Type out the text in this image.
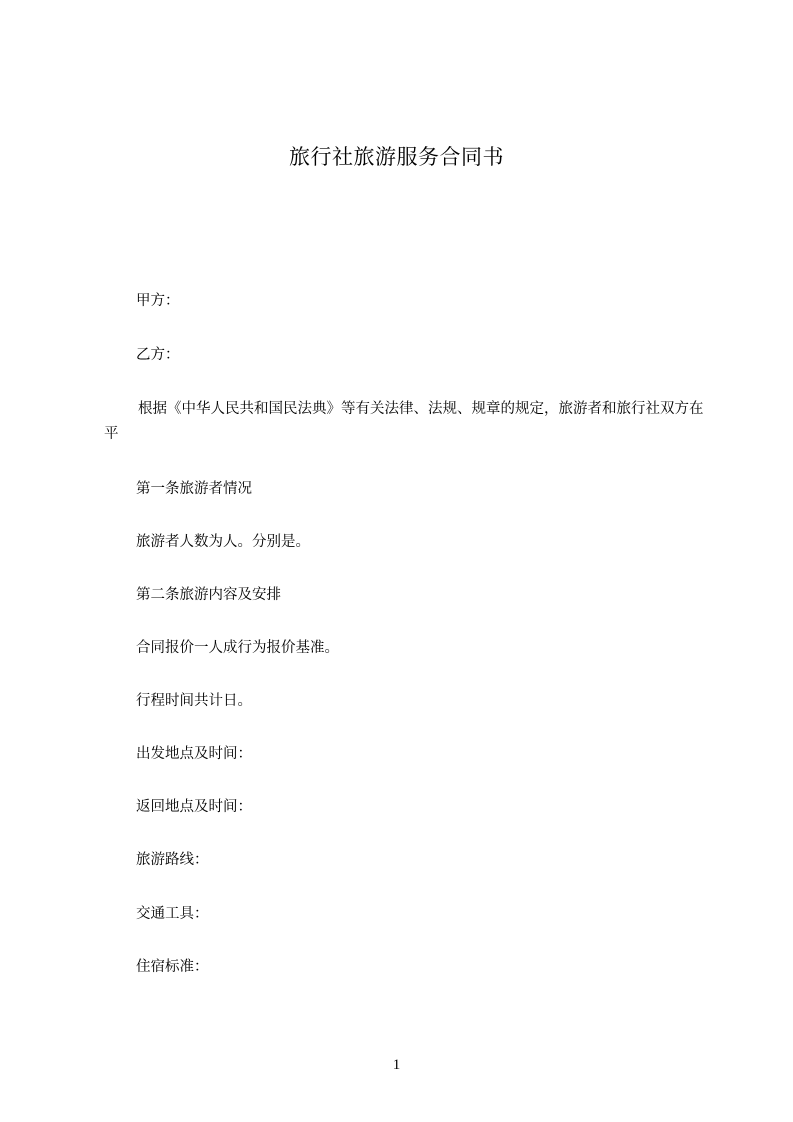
旅行社旅游服务合同书
甲方：
乙方：
根据《中华人民共和国民法典》等有关法律、法规、规章的规定，旅游者和旅行社双方在平
第一条旅游者情况
旅游者人数为人。分别是。
第二条旅游内容及安排
合同报价一人成行为报价基准。
行程时间共计日。
出发地点及时间：
返回地点及时间：
旅游路线：
交通工具：
住宿标准：
1
